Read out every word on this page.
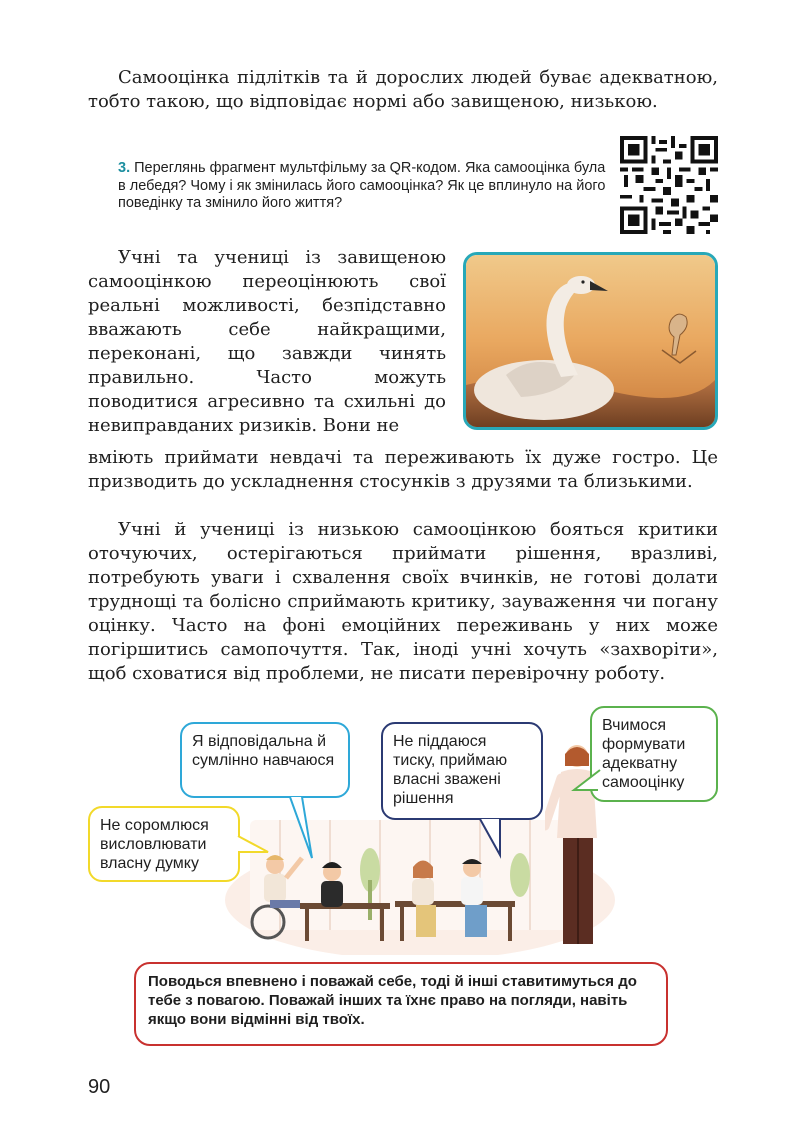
Самооцінка підлітків та й дорослих людей буває адекватною, тобто такою, що відповідає нормі або завищеною, низькою.

3. Переглянь фрагмент мультфільму за QR-кодом. Яка самооцінка була в лебедя? Чому і як змінилась його самооцінка? Як це вплинуло на його поведінку та змінило його життя?

Учні та учениці із завищеною самооцінкою переоцінюють свої реальні можливості, безпідставно вважають себе найкращими, переконані, що завжди чинять правильно. Часто можуть поводитися агресивно та схильні до невиправданих ризиків. Вони не

вміють приймати невдачі та переживають їх дуже гостро. Це призводить до ускладнення стосунків з друзями та близькими.

Учні й учениці із низькою самооцінкою бояться критики оточуючих, остерігаються приймати рішення, вразливі, потребують уваги і схвалення своїх вчинків, не готові долати труднощі та болісно сприймають критику, зауваження чи погану оцінку. Часто на фоні емоційних переживань у них може погіршитись самопочуття. Так, іноді учні хочуть «захворіти», щоб сховатися від проблеми, не писати перевірочну роботу.

Я відповідальна й сумлінно навчаюся
Не піддаюся тиску, приймаю власні зважені рішення
Вчимося формувати адекватну самооцінку
Не соромлюся висловлювати власну думку
Поводься впевнено і поважай себе, тоді й інші ставитимуться до тебе з повагою. Поважай інших та їхнє право на погляди, навіть якщо вони відмінні від твоїх.
90
